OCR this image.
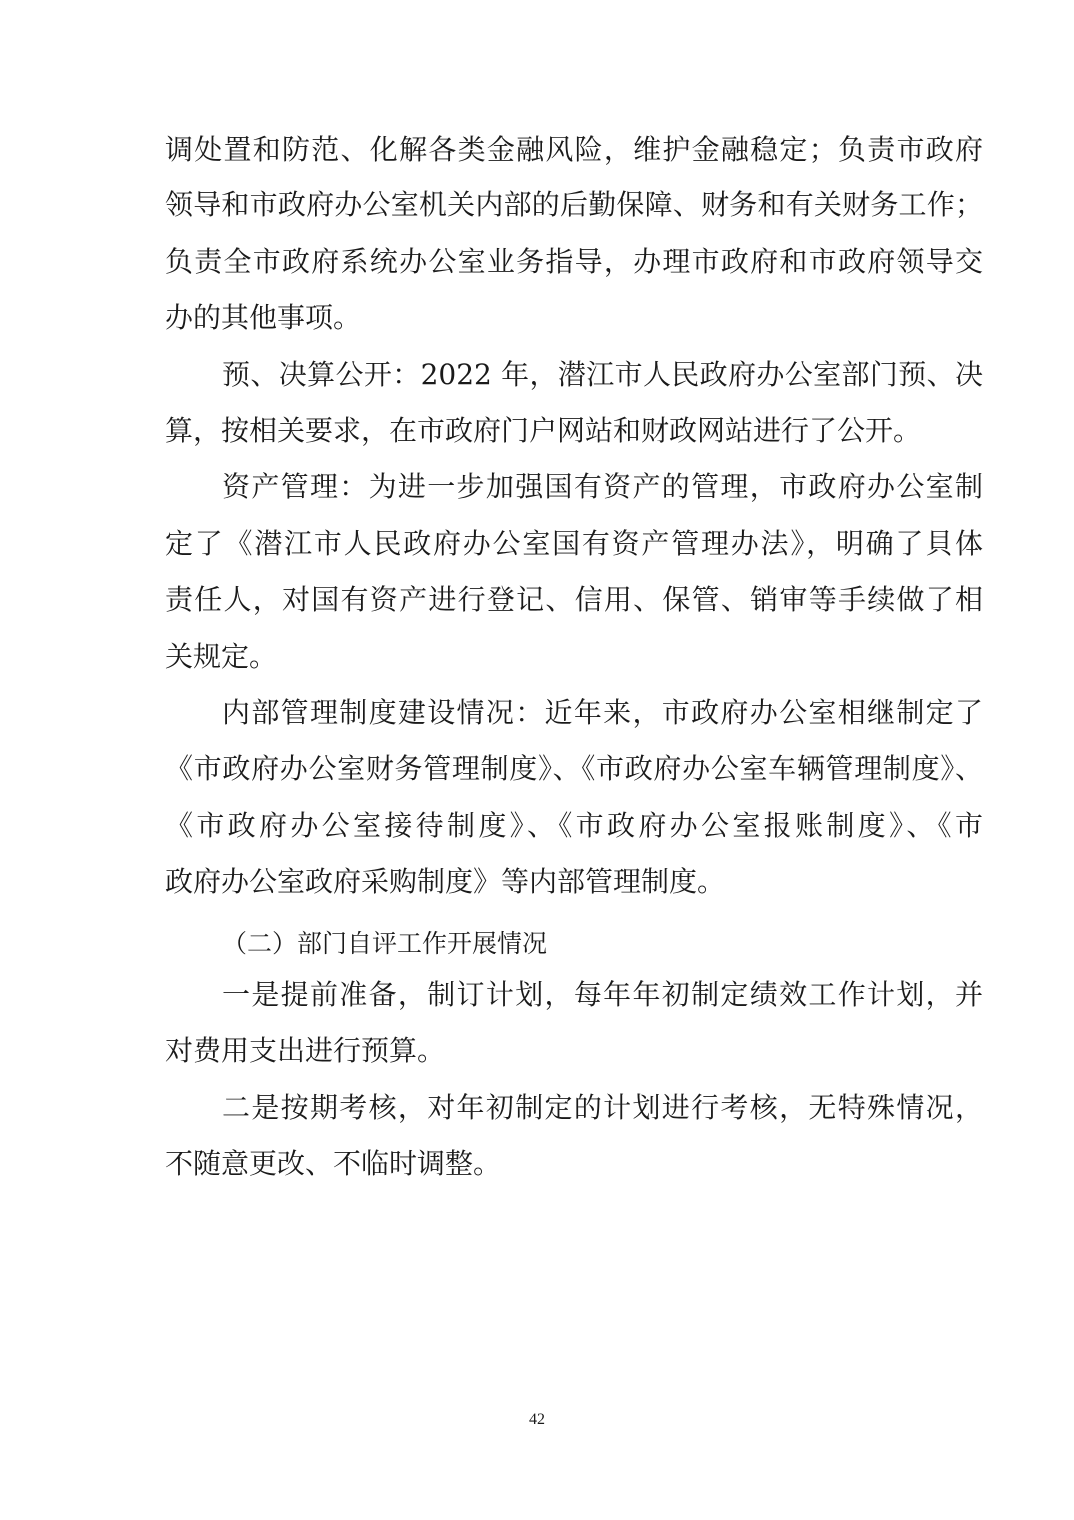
调处置和防范、化解各类金融风险，维护金融稳定；负责市政府
领导和市政府办公室机关内部的后勤保障、财务和有关财务工作；
负责全市政府系统办公室业务指导，办理市政府和市政府领导交
办的其他事项。
预、决算公开：2022 年，潜江市人民政府办公室部门预、决
算，按相关要求，在市政府门户网站和财政网站进行了公开。
资产管理：为进一步加强国有资产的管理，市政府办公室制
定了《潜江市人民政府办公室国有资产管理办法》，明确了貝体
责任人，对国有资产进行登记、信用、保管、销审等手续做了相
关规定。
内部管理制度建设情况：近年来，市政府办公室相继制定了
《市政府办公室财务管理制度》、《市政府办公室车辆管理制度》、
《市政府办公室接待制度》、《市政府办公室报账制度》、《市
政府办公室政府采购制度》等内部管理制度。
（二）部门自评工作开展情况
一是提前准备，制订计划，每年年初制定绩效工作计划，并
对费用支出进行预算。
二是按期考核，对年初制定的计划进行考核，无特殊情况，
不随意更改、不临时调整。
42
